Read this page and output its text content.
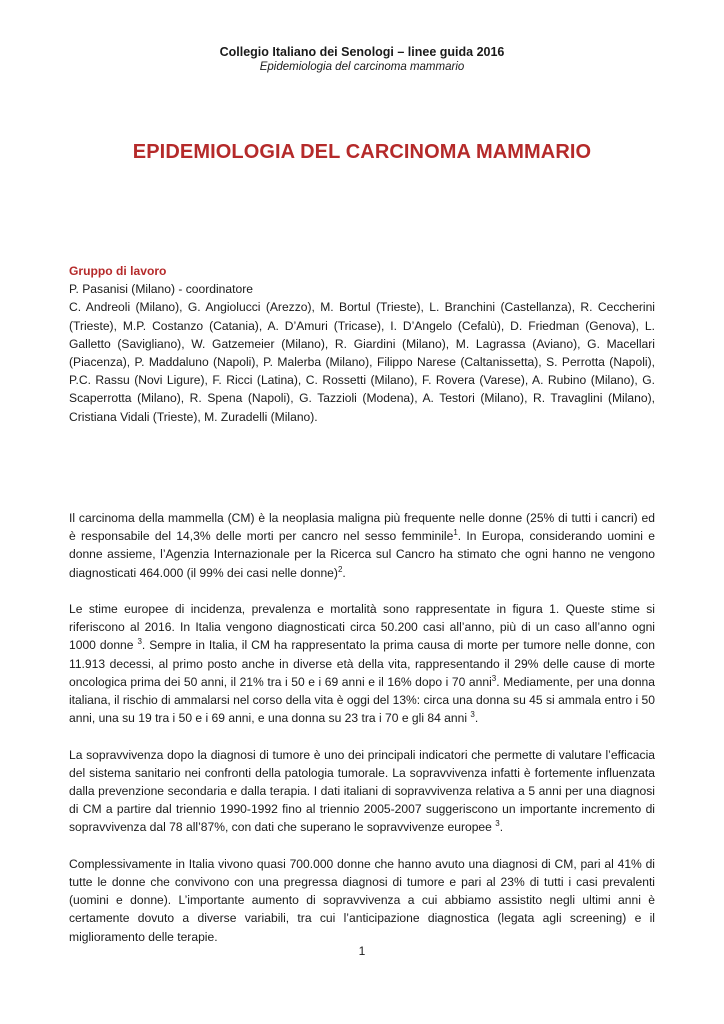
Collegio Italiano dei Senologi – linee guida 2016
Epidemiologia del carcinoma mammario
EPIDEMIOLOGIA DEL CARCINOMA MAMMARIO

Gruppo di lavoro

P. Pasanisi (Milano) - coordinatore

C. Andreoli (Milano), G. Angiolucci (Arezzo), M. Bortul (Trieste), L. Branchini (Castellanza), R. Ceccherini (Trieste), M.P. Costanzo (Catania), A. D’Amuri (Tricase), I. D’Angelo (Cefalù), D. Friedman (Genova), L. Galletto (Savigliano), W. Gatzemeier (Milano), R. Giardini (Milano), M. Lagrassa (Aviano), G. Macellari (Piacenza), P. Maddaluno (Napoli), P. Malerba (Milano), Filippo Narese (Caltanissetta), S. Perrotta (Napoli), P.C. Rassu (Novi Ligure), F. Ricci (Latina), C. Rossetti (Milano), F. Rovera (Varese), A. Rubino (Milano), G. Scaperrotta (Milano), R. Spena (Napoli), G. Tazzioli (Modena), A. Testori (Milano), R. Travaglini (Milano), Cristiana Vidali (Trieste), M. Zuradelli (Milano).

Il carcinoma della mammella (CM) è la neoplasia maligna più frequente nelle donne (25% di tutti i cancri) ed è responsabile del 14,3% delle morti per cancro nel sesso femminile$^1$. In Europa, considerando uomini e donne assieme, l’Agenzia Internazionale per la Ricerca sul Cancro ha stimato che ogni hanno ne vengono diagnosticati 464.000 (il 99% dei casi nelle donne)$^2$.

Le stime europee di incidenza, prevalenza e mortalità sono rappresentate in figura 1. Queste stime si riferiscono al 2016. In Italia vengono diagnosticati circa 50.200 casi all’anno, più di un caso all’anno ogni 1000 donne $^3$. Sempre in Italia, il CM ha rappresentato la prima causa di morte per tumore nelle donne, con 11.913 decessi, al primo posto anche in diverse età della vita, rappresentando il 29% delle cause di morte oncologica prima dei 50 anni, il 21% tra i 50 e i 69 anni e il 16% dopo i 70 anni$^3$. Mediamente, per una donna italiana, il rischio di ammalarsi nel corso della vita è oggi del 13%: circa una donna su 45 si ammala entro i 50 anni, una su 19 tra i 50 e i 69 anni, e una donna su 23 tra i 70 e gli 84 anni $^3$.

La sopravvivenza dopo la diagnosi di tumore è uno dei principali indicatori che permette di valutare l’efficacia del sistema sanitario nei confronti della patologia tumorale. La sopravvivenza infatti è fortemente influenzata dalla prevenzione secondaria e dalla terapia. I dati italiani di sopravvivenza relativa a 5 anni per una diagnosi di CM a partire dal triennio 1990-1992 fino al triennio 2005-2007 suggeriscono un importante incremento di sopravvivenza dal 78 all’87%, con dati che superano le sopravvivenze europee $^3$.

Complessivamente in Italia vivono quasi 700.000 donne che hanno avuto una diagnosi di CM, pari al 41% di tutte le donne che convivono con una pregressa diagnosi di tumore e pari al 23% di tutti i casi prevalenti (uomini e donne). L’importante aumento di sopravvivenza a cui abbiamo assistito negli ultimi anni è certamente dovuto a diverse variabili, tra cui l’anticipazione diagnostica (legata agli screening) e il miglioramento delle terapie.

1
